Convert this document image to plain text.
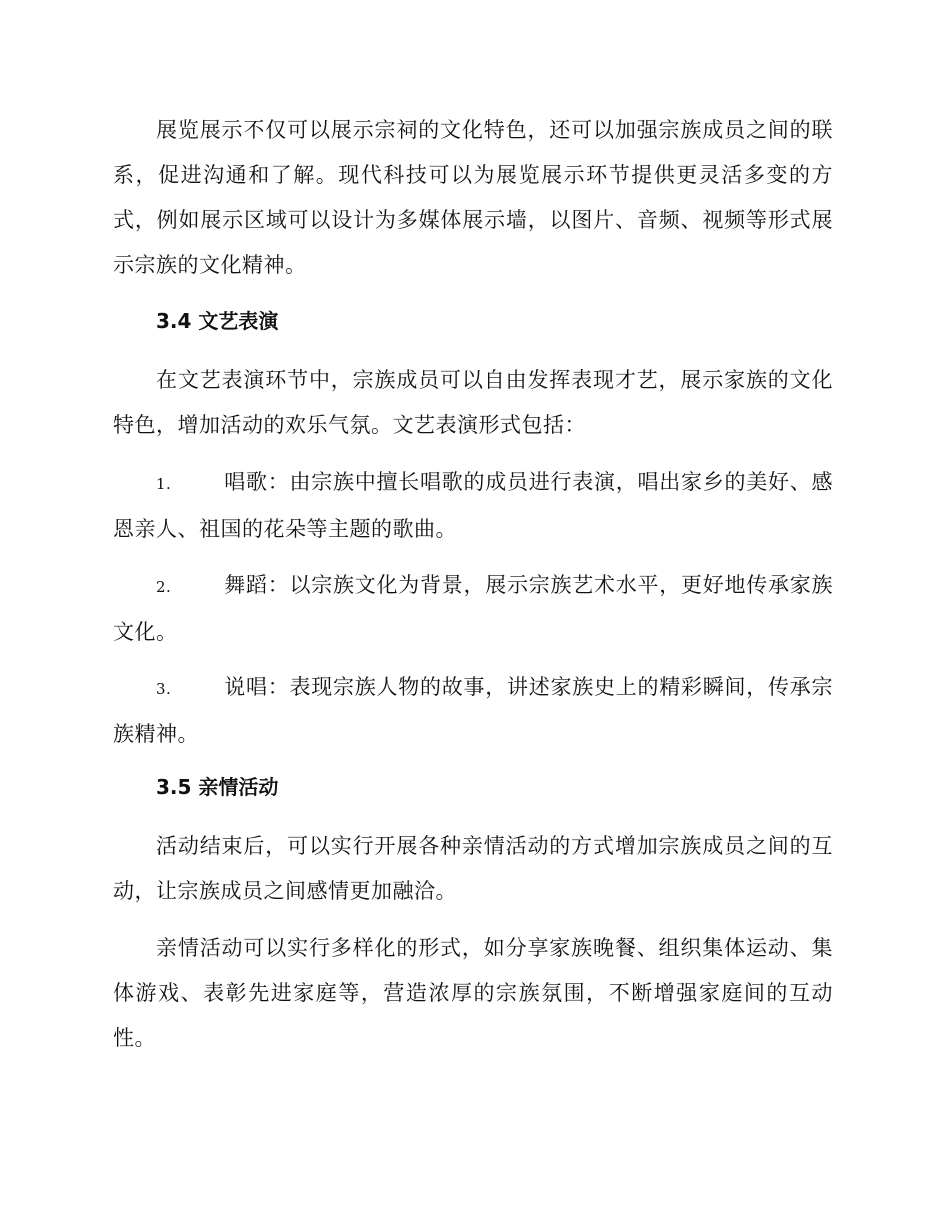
展览展示不仅可以展示宗祠的文化特色，还可以加强宗族成员之间的联系，促进沟通和了解。现代科技可以为展览展示环节提供更灵活多变的方式，例如展示区域可以设计为多媒体展示墙，以图片、音频、视频等形式展示宗族的文化精神。

3.4 文艺表演

在文艺表演环节中，宗族成员可以自由发挥表现才艺，展示家族的文化特色，增加活动的欢乐气氛。文艺表演形式包括：

1.	唱歌：由宗族中擅长唱歌的成员进行表演，唱出家乡的美好、感恩亲人、祖国的花朵等主题的歌曲。

2.	舞蹈：以宗族文化为背景，展示宗族艺术水平，更好地传承家族文化。

3.	说唱：表现宗族人物的故事，讲述家族史上的精彩瞬间，传承宗族精神。

3.5 亲情活动

活动结束后，可以实行开展各种亲情活动的方式增加宗族成员之间的互动，让宗族成员之间感情更加融洽。

亲情活动可以实行多样化的形式，如分享家族晚餐、组织集体运动、集体游戏、表彰先进家庭等，营造浓厚的宗族氛围，不断增强家庭间的互动性。
